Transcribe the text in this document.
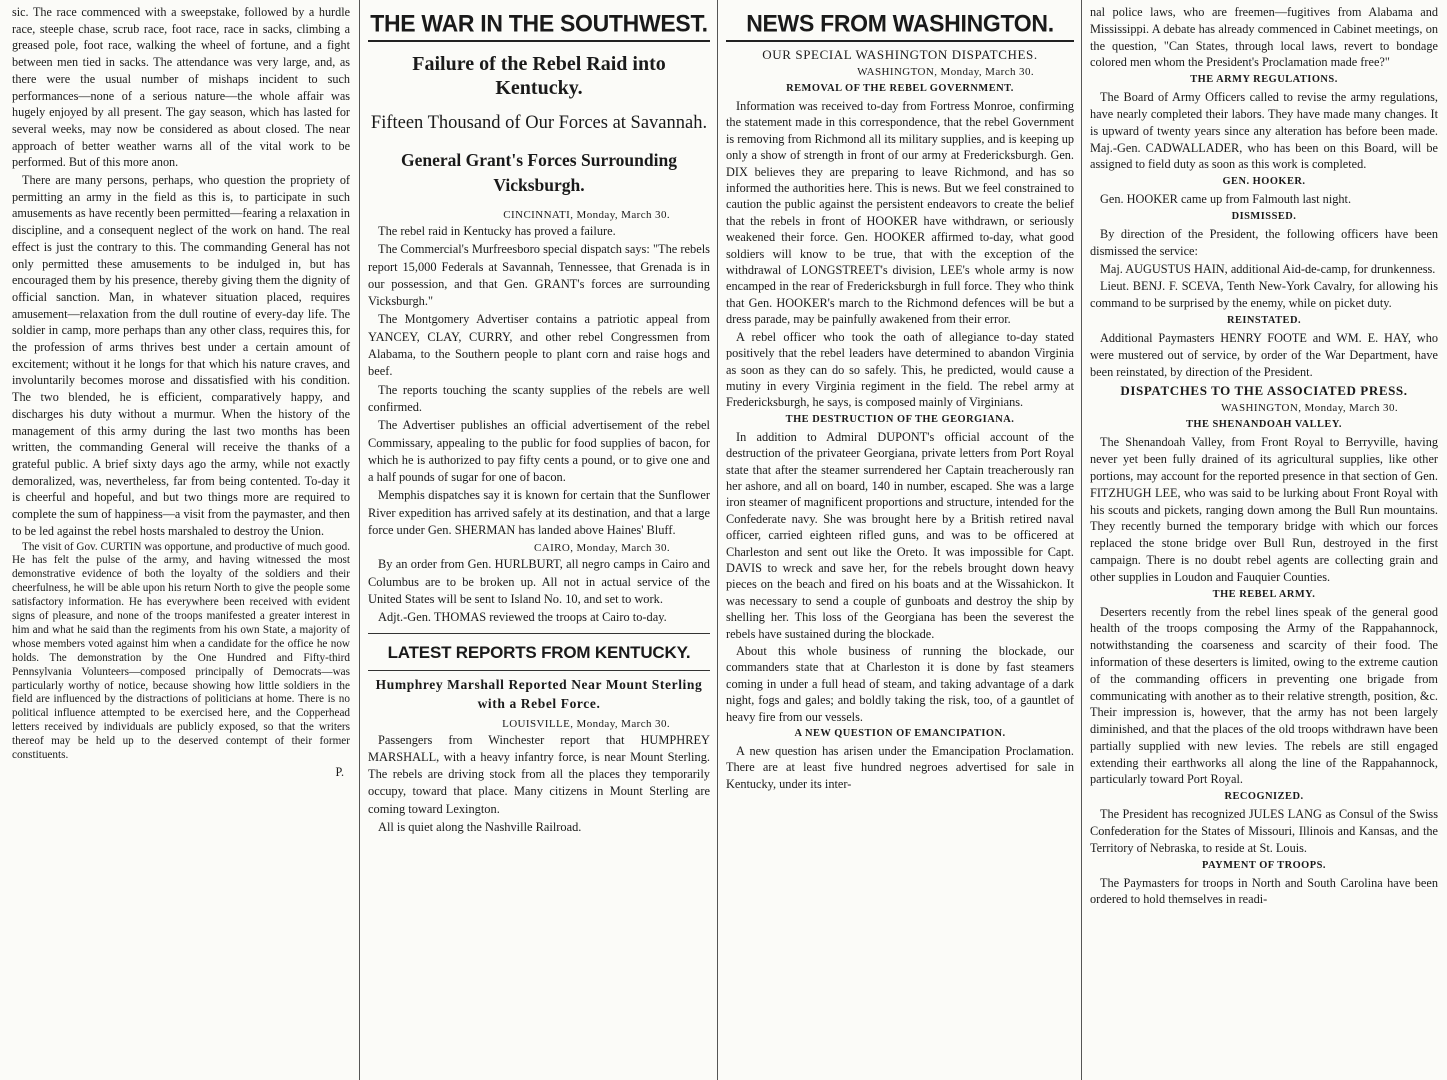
sic. The race commenced with a sweepstake, followed by a hurdle race, steeple chase, scrub race, foot race, race in sacks, climbing a greased pole, foot race, walking the wheel of fortune, and a fight between men tied in sacks. The attendance was very large, and, as there were the usual number of mishaps incident to such performances—none of a serious nature—the whole affair was hugely enjoyed by all present. The gay season, which has lasted for several weeks, may now be considered as about closed. The near approach of better weather warns all of the vital work to be performed. But of this more anon.

There are many persons, perhaps, who question the propriety of permitting an army in the field as this is, to participate in such amusements as have recently been permitted—fearing a relaxation in discipline, and a consequent neglect of the work on hand. The real effect is just the contrary to this. The commanding General has not only permitted these amusements to be indulged in, but has encouraged them by his presence, thereby giving them the dignity of official sanction. Man, in whatever situation placed, requires amusement—relaxation from the dull routine of every-day life. The soldier in camp, more perhaps than any other class, requires this, for the profession of arms thrives best under a certain amount of excitement; without it he longs for that which his nature craves, and involuntarily becomes morose and dissatisfied with his condition. The two blended, he is efficient, comparatively happy, and discharges his duty without a murmur. When the history of the management of this army during the last two months has been written, the commanding General will receive the thanks of a grateful public. A brief sixty days ago the army, while not exactly demoralized, was, nevertheless, far from being contented. To-day it is cheerful and hopeful, and but two things more are required to complete the sum of happiness—a visit from the paymaster, and then to be led against the rebel hosts marshaled to destroy the Union.

The visit of Gov. CURTIN was opportune, and productive of much good. He has felt the pulse of the army, and having witnessed the most demonstrative evidence of both the loyalty of the soldiers and their cheerfulness, he will be able upon his return North to give the people some satisfactory information. He has everywhere been received with evident signs of pleasure, and none of the troops manifested a greater interest in him and what he said than the regiments from his own State, a majority of whose members voted against him when a candidate for the office he now holds. The demonstration by the One Hundred and Fifty-third Pennsylvania Volunteers—composed principally of Democrats—was particularly worthy of notice, because showing how little soldiers in the field are influenced by the distractions of politicians at home. There is no political influence attempted to be exercised here, and the Copperhead letters received by individuals are publicly exposed, so that the writers thereof may be held up to the deserved contempt of their former constituents.

P.

THE WAR IN THE SOUTHWEST.
Failure of the Rebel Raid into Kentucky.
Fifteen Thousand of Our Forces at Savannah.
General Grant's Forces Surrounding Vicksburgh.
CINCINNATI, Monday, March 30.

The rebel raid in Kentucky has proved a failure.

The Commercial's Murfreesboro special dispatch says: "The rebels report 15,000 Federals at Savannah, Tennessee, that Grenada is in our possession, and that Gen. GRANT's forces are surrounding Vicksburgh."

The Montgomery Advertiser contains a patriotic appeal from YANCEY, CLAY, CURRY, and other rebel Congressmen from Alabama, to the Southern people to plant corn and raise hogs and beef.

The reports touching the scanty supplies of the rebels are well confirmed.

The Advertiser publishes an official advertisement of the rebel Commissary, appealing to the public for food supplies of bacon, for which he is authorized to pay fifty cents a pound, or to give one and a half pounds of sugar for one of bacon.

Memphis dispatches say it is known for certain that the Sunflower River expedition has arrived safely at its destination, and that a large force under Gen. SHERMAN has landed above Haines' Bluff.

CAIRO, Monday, March 30.

By an order from Gen. HURLBURT, all negro camps in Cairo and Columbus are to be broken up. All not in actual service of the United States will be sent to Island No. 10, and set to work.

Adjt.-Gen. THOMAS reviewed the troops at Cairo to-day.

LATEST REPORTS FROM KENTUCKY.
Humphrey Marshall Reported Near Mount Sterling with a Rebel Force.
LOUISVILLE, Monday, March 30.

Passengers from Winchester report that HUMPHREY MARSHALL, with a heavy infantry force, is near Mount Sterling. The rebels are driving stock from all the places they temporarily occupy, toward that place. Many citizens in Mount Sterling are coming toward Lexington.

All is quiet along the Nashville Railroad.

NEWS FROM WASHINGTON.
OUR SPECIAL WASHINGTON DISPATCHES.
WASHINGTON, Monday, March 30.
REMOVAL OF THE REBEL GOVERNMENT.

Information was received to-day from Fortress Monroe, confirming the statement made in this correspondence, that the rebel Government is removing from Richmond all its military supplies, and is keeping up only a show of strength in front of our army at Fredericksburgh. Gen. DIX believes they are preparing to leave Richmond, and has so informed the authorities here. This is news. But we feel constrained to caution the public against the persistent endeavors to create the belief that the rebels in front of HOOKER have withdrawn, or seriously weakened their force. Gen. HOOKER affirmed to-day, what good soldiers will know to be true, that with the exception of the withdrawal of LONGSTREET's division, LEE's whole army is now encamped in the rear of Fredericksburgh in full force. They who think that Gen. HOOKER's march to the Richmond defences will be but a dress parade, may be painfully awakened from their error.

A rebel officer who took the oath of allegiance to-day stated positively that the rebel leaders have determined to abandon Virginia as soon as they can do so safely. This, he predicted, would cause a mutiny in every Virginia regiment in the field. The rebel army at Fredericksburgh, he says, is composed mainly of Virginians.

THE DESTRUCTION OF THE GEORGIANA.

In addition to Admiral DUPONT's official account of the destruction of the privateer Georgiana, private letters from Port Royal state that after the steamer surrendered her Captain treacherously ran her ashore, and all on board, 140 in number, escaped. She was a large iron steamer of magnificent proportions and structure, intended for the Confederate navy. She was brought here by a British retired naval officer, carried eighteen rifled guns, and was to be officered at Charleston and sent out like the Oreto. It was impossible for Capt. DAVIS to wreck and save her, for the rebels brought down heavy pieces on the beach and fired on his boats and at the Wissahickon. It was necessary to send a couple of gunboats and destroy the ship by shelling her. This loss of the Georgiana has been the severest the rebels have sustained during the blockade.

About this whole business of running the blockade, our commanders state that at Charleston it is done by fast steamers coming in under a full head of steam, and taking advantage of a dark night, fogs and gales; and boldly taking the risk, too, of a gauntlet of heavy fire from our vessels.

A NEW QUESTION OF EMANCIPATION.

A new question has arisen under the Emancipation Proclamation. There are at least five hundred negroes advertised for sale in Kentucky, under its inter-

nal police laws, who are freemen—fugitives from Alabama and Mississippi. A debate has already commenced in Cabinet meetings, on the question, "Can States, through local laws, revert to bondage colored men whom the President's Proclamation made free?"

THE ARMY REGULATIONS.

The Board of Army Officers called to revise the army regulations, have nearly completed their labors. They have made many changes. It is upward of twenty years since any alteration has before been made. Maj.-Gen. CADWALLADER, who has been on this Board, will be assigned to field duty as soon as this work is completed.

GEN. HOOKER.

Gen. HOOKER came up from Falmouth last night.

DISMISSED.

By direction of the President, the following officers have been dismissed the service:

Maj. AUGUSTUS HAIN, additional Aid-de-camp, for drunkenness.

Lieut. BENJ. F. SCEVA, Tenth New-York Cavalry, for allowing his command to be surprised by the enemy, while on picket duty.

REINSTATED.

Additional Paymasters HENRY FOOTE and WM. E. HAY, who were mustered out of service, by order of the War Department, have been reinstated, by direction of the President.

DISPATCHES TO THE ASSOCIATED PRESS.
WASHINGTON, Monday, March 30.
THE SHENANDOAH VALLEY.

The Shenandoah Valley, from Front Royal to Berryville, having never yet been fully drained of its agricultural supplies, like other portions, may account for the reported presence in that section of Gen. FITZHUGH LEE, who was said to be lurking about Front Royal with his scouts and pickets, ranging down among the Bull Run mountains. They recently burned the temporary bridge with which our forces replaced the stone bridge over Bull Run, destroyed in the first campaign. There is no doubt rebel agents are collecting grain and other supplies in Loudon and Fauquier Counties.

THE REBEL ARMY.

Deserters recently from the rebel lines speak of the general good health of the troops composing the Army of the Rappahannock, notwithstanding the coarseness and scarcity of their food. The information of these deserters is limited, owing to the extreme caution of the commanding officers in preventing one brigade from communicating with another as to their relative strength, position, &c. Their impression is, however, that the army has not been largely diminished, and that the places of the old troops withdrawn have been partially supplied with new levies. The rebels are still engaged extending their earthworks all along the line of the Rappahannock, particularly toward Port Royal.

RECOGNIZED.

The President has recognized JULES LANG as Consul of the Swiss Confederation for the States of Missouri, Illinois and Kansas, and the Territory of Nebraska, to reside at St. Louis.

PAYMENT OF TROOPS.

The Paymasters for troops in North and South Carolina have been ordered to hold themselves in readi-
